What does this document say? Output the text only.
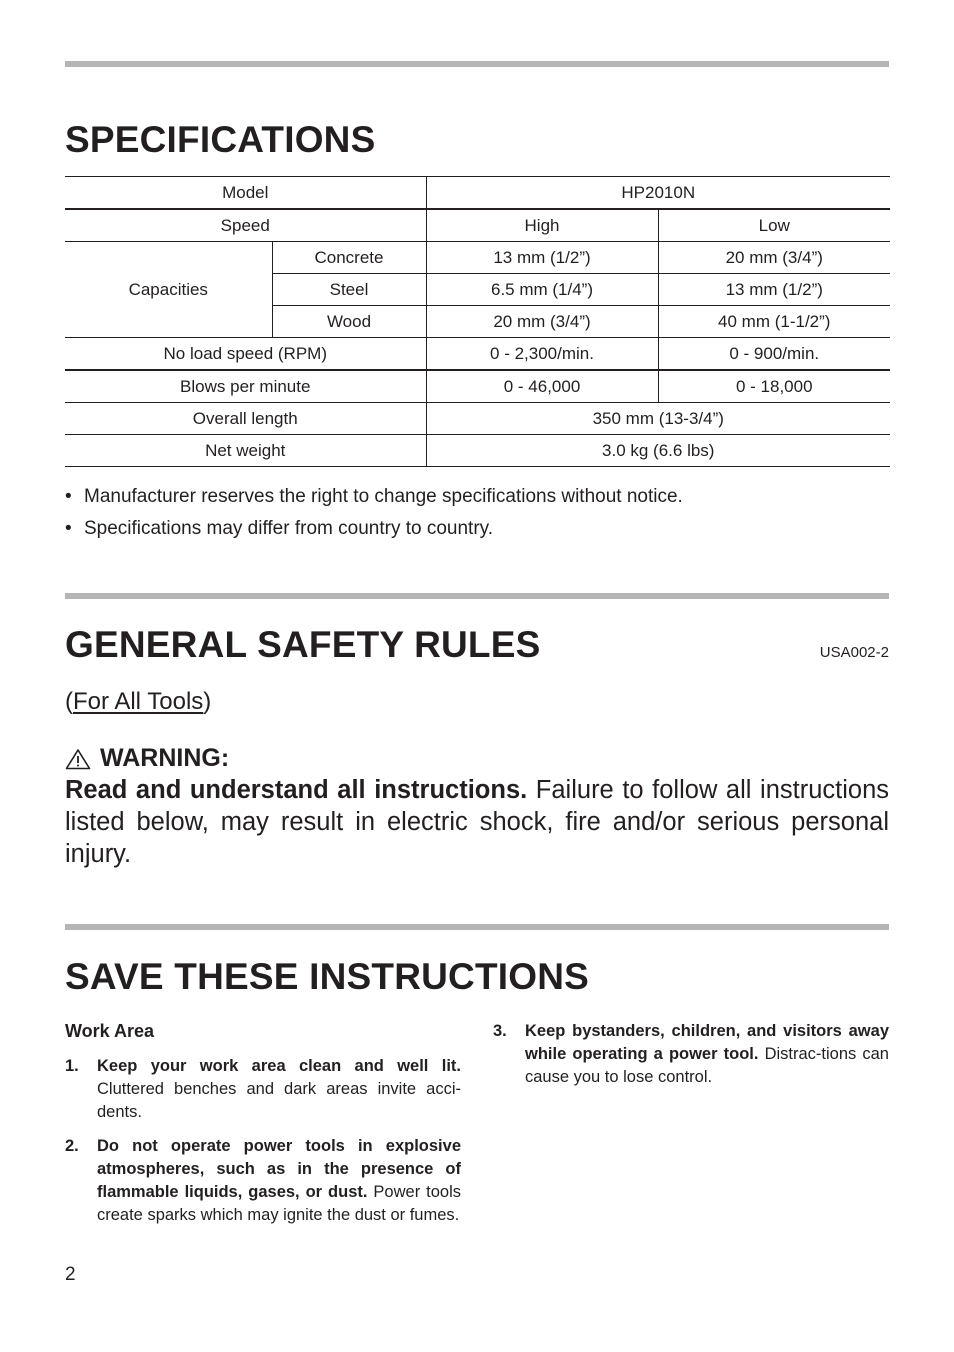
SPECIFICATIONS
Model		HP2010N	
Speed		High	Low
Capacities	Concrete	13 mm (1/2”)	20 mm (3/4”)
	Steel	6.5 mm (1/4”)	13 mm (1/2”)
	Wood	20 mm (3/4”)	40 mm (1-1/2”)
No load speed (RPM)		0 - 2,300/min.	0 - 900/min.
Blows per minute		0 - 46,000	0 - 18,000
Overall length		350 mm (13-3/4”)	
Net weight		3.0 kg (6.6 lbs)	
• Manufacturer reserves the right to change specifications without notice.
• Specifications may differ from country to country.
GENERAL SAFETY RULES	USA002-2
(For All Tools)
WARNING:

Read and understand all instructions. Failure to follow all instructions listed below, may result in electric shock, fire and/or serious personal injury.

SAVE THESE INSTRUCTIONS
Work Area
1.	Keep your work area clean and well lit. Cluttered benches and dark areas invite acci-dents.
2.	Do not operate power tools in explosive atmospheres, such as in the presence of flammable liquids, gases, or dust. Power tools create sparks which may ignite the dust or fumes.
3.	Keep bystanders, children, and visitors away while operating a power tool. Distrac-tions can cause you to lose control.
2
